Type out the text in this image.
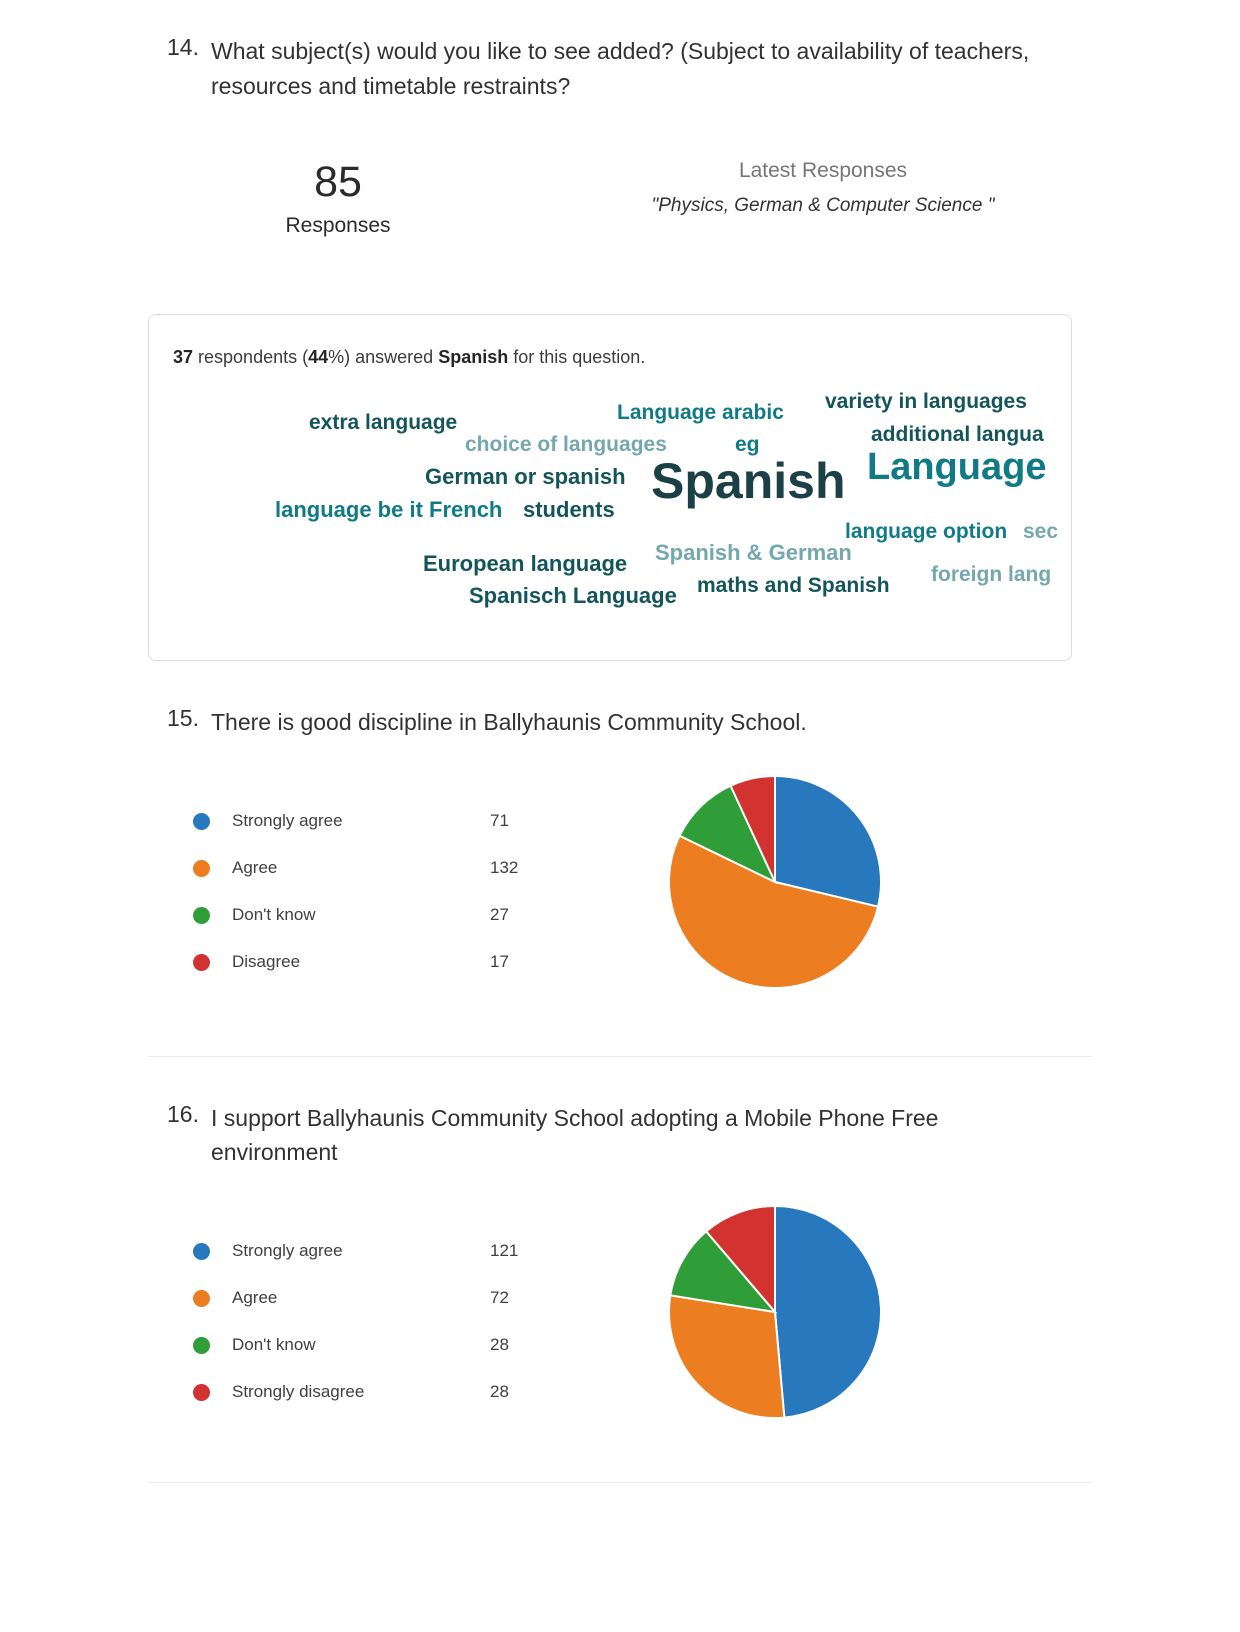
14. What subject(s) would you like to see added? (Subject to availability of teachers, resources and timetable restraints?
85
Responses
Latest Responses
"Physics, German & Computer Science "

37 respondents (44%) answered Spanish for this question.

variety in languages
Language arabic
extra language
additional langua
choice of languages	eg
Language
Spanish
German or spanish
language be it French students
language option sec
Spanish & German
European language	foreign lang
maths and Spanish
Spanisch Language
15. There is good discipline in Ballyhaunis Community School.
Strongly agree	71
Agree	132
Don't know	27
Disagree	17
16. I support Ballyhaunis Community School adopting a Mobile Phone Free environment
Strongly agree	121
Agree	72
Don't know	28
Strongly disagree	28
